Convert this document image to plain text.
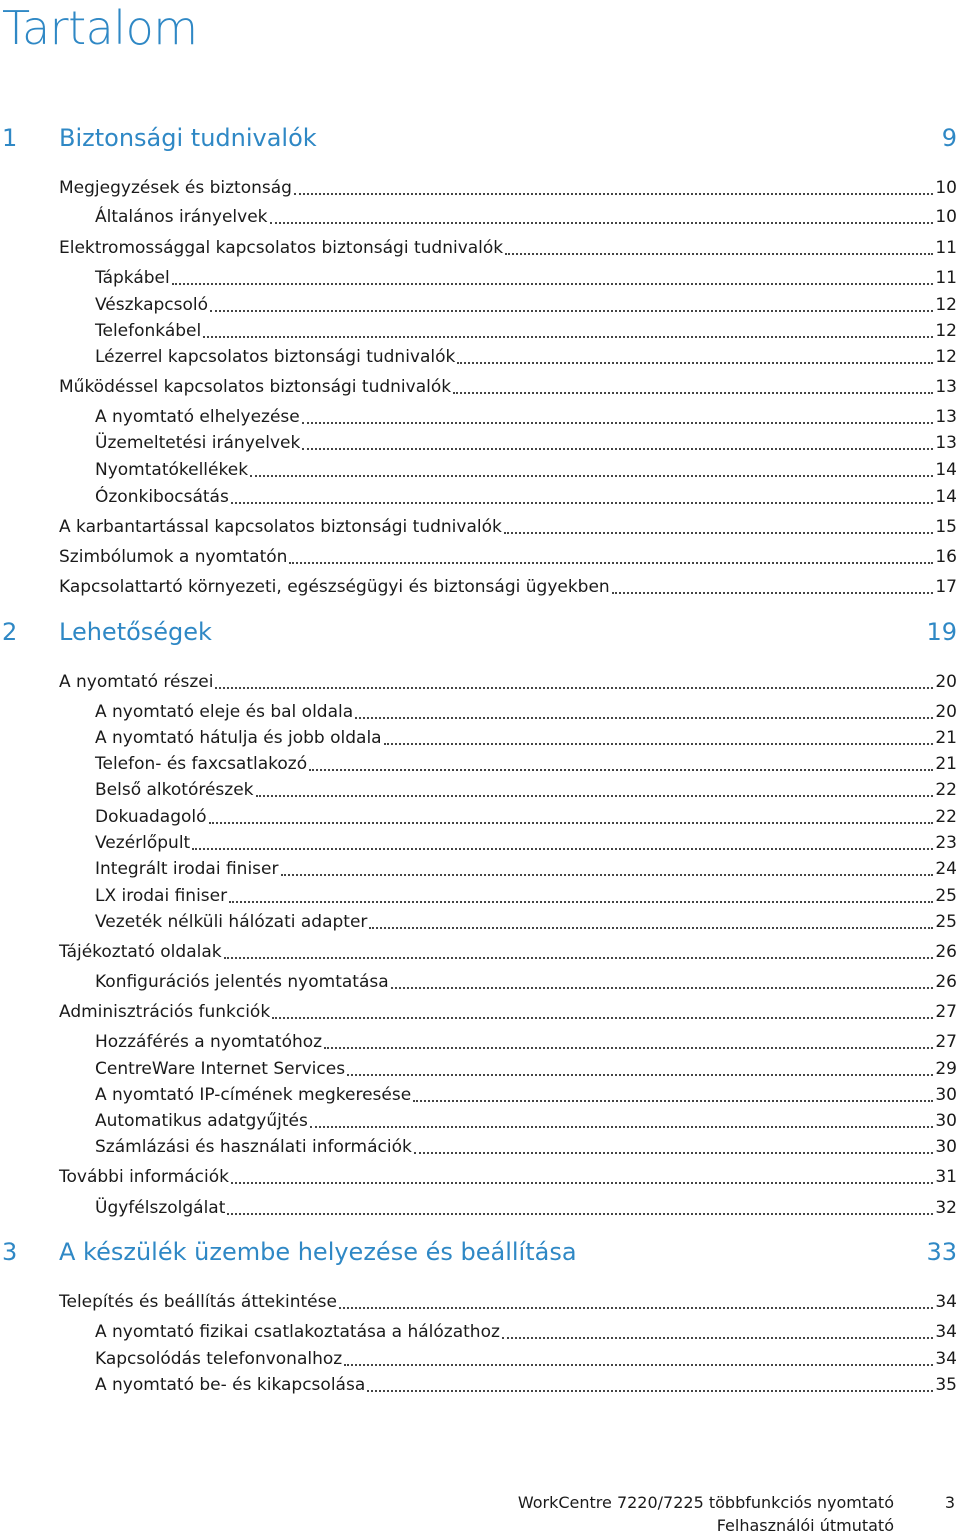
Tartalom
1 Biztonsági tudnivalók	9
Megjegyzések és biztonság	10
Általános irányelvek	10
Elektromossággal kapcsolatos biztonsági tudnivalók	11
Tápkábel	11
Vészkapcsoló	12
Telefonkábel	12
Lézerrel kapcsolatos biztonsági tudnivalók	12
Működéssel kapcsolatos biztonsági tudnivalók	13
A nyomtató elhelyezése	13
Üzemeltetési irányelvek	13
Nyomtatókellékek	14
Ózonkibocsátás	14
A karbantartással kapcsolatos biztonsági tudnivalók	15
Szimbólumok a nyomtatón	16
Kapcsolattartó környezeti, egészségügyi és biztonsági ügyekben	17
2 Lehetőségek	19
A nyomtató részei	20
A nyomtató eleje és bal oldala	20
A nyomtató hátulja és jobb oldala	21
Telefon- és faxcsatlakozó	21
Belső alkotórészek	22
Dokuadagoló	22
Vezérlőpult	23
Integrált irodai finiser	24
LX irodai finiser	25
Vezeték nélküli hálózati adapter	25
Tájékoztató oldalak	26
Konfigurációs jelentés nyomtatása	26
Adminisztrációs funkciók	27
Hozzáférés a nyomtatóhoz	27
CentreWare Internet Services	29
A nyomtató IP-címének megkeresése	30
Automatikus adatgyűjtés	30
Számlázási és használati információk	30
További információk	31
Ügyfélszolgálat	32
3 A készülék üzembe helyezése és beállítása	33
Telepítés és beállítás áttekintése	34
A nyomtató fizikai csatlakoztatása a hálózathoz	34
Kapcsolódás telefonvonalhoz	34
A nyomtató be- és kikapcsolása	35
WorkCentre 7220/7225 többfunkciós nyomtató	3
Felhasználói útmutató
